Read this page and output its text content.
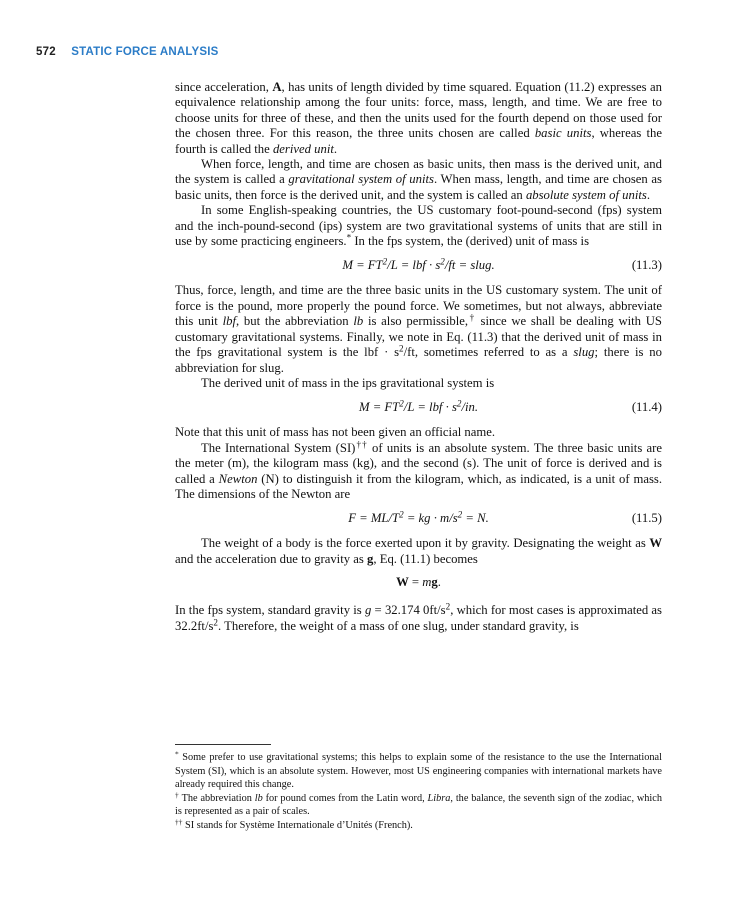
572 STATIC FORCE ANALYSIS

since acceleration, A, has units of length divided by time squared. Equation (11.2) expresses an equivalence relationship among the four units: force, mass, length, and time. We are free to choose units for three of these, and then the units used for the fourth depend on those used for the chosen three. For this reason, the three units chosen are called basic units, whereas the fourth is called the derived unit.

When force, length, and time are chosen as basic units, then mass is the derived unit, and the system is called a gravitational system of units. When mass, length, and time are chosen as basic units, then force is the derived unit, and the system is called an absolute system of units.

In some English-speaking countries, the US customary foot-pound-second (fps) system and the inch-pound-second (ips) system are two gravitational systems of units that are still in use by some practicing engineers.* In the fps system, the (derived) unit of mass is

$M = FT^2/L$ = lbf · $s^2/ft$ = slug.	(11.3)

Thus, force, length, and time are the three basic units in the US customary system. The unit of force is the pound, more properly the pound force. We sometimes, but not always, abbreviate this unit lbf, but the abbreviation lb is also permissible,† since we shall be dealing with US customary gravitational systems. Finally, we note in Eq. (11.3) that the derived unit of mass in the fps gravitational system is the lbf · $s^2/ft$, sometimes referred to as a slug; there is no abbreviation for slug.

The derived unit of mass in the ips gravitational system is

$M = FT^2/L$ = lbf · $s^2/in$.	(11.4)

Note that this unit of mass has not been given an official name.

The International System (SI)†† of units is an absolute system. The three basic units are the meter (m), the kilogram mass (kg), and the second (s). The unit of force is derived and is called a Newton (N) to distinguish it from the kilogram, which, as indicated, is a unit of mass. The dimensions of the Newton are

$F = ML/T^2$ = kg · $m/s^2 = N$.	(11.5)

The weight of a body is the force exerted upon it by gravity. Designating the weight as W and the acceleration due to gravity as g, Eq. (11.1) becomes

W = mg.

In the fps system, standard gravity is g = 32.174 $0ft/s^2$, which for most cases is approximated as $32.2ft/s^2$. Therefore, the weight of a mass of one slug, under standard gravity, is

* Some prefer to use gravitational systems; this helps to explain some of the resistance to the use the International System (SI), which is an absolute system. However, most US engineering companies with international markets have already required this change.

† The abbreviation lb for pound comes from the Latin word, Libra, the balance, the seventh sign of the zodiac, which is represented as a pair of scales.

†† SI stands for Système Internationale d’Unités (French).
